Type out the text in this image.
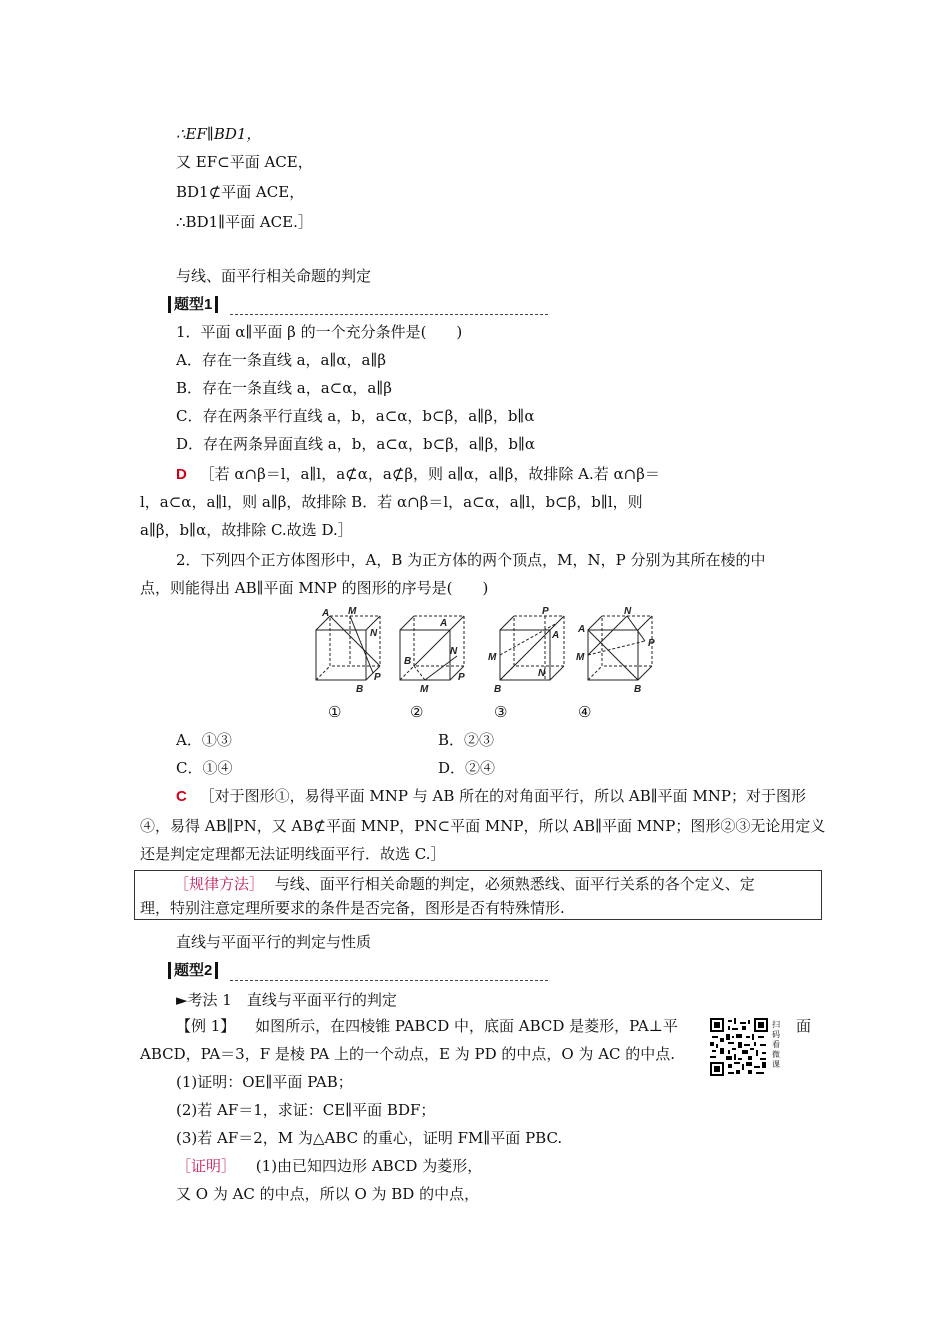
∴EF∥BD1，
又 EF⊂平面 ACE，
BD1⊄平面 ACE，
∴BD1∥平面 ACE.］
与线、面平行相关命题的判定
题型1
1．平面 α∥平面 β 的一个充分条件是(　　)
A．存在一条直线 a，a∥α，a∥β
B．存在一条直线 a，a⊂α，a∥β
C．存在两条平行直线 a，b，a⊂α，b⊂β，a∥β，b∥α
D．存在两条异面直线 a，b，a⊂α，b⊂β，a∥β，b∥α
D ［若 α∩β＝l，a∥l，a⊄α，a⊄β，则 a∥α，a∥β，故排除 A.若 α∩β＝
l，a⊂α，a∥l，则 a∥β，故排除 B．若 α∩β＝l，a⊂α，a∥l，b⊂β，b∥l，则
a∥β，b∥α，故排除 C.故选 D.］
2．下列四个正方体图形中，A，B 为正方体的两个顶点，M，N，P 分别为其所在棱的中
点，则能得出 AB∥平面 MNP 的图形的序号是(　　)
A M
N
P
B
A
B
N
M
P
P
A
M
N
B
A
N
M
P
B
①	②	③	④
A．①③	B．②③
C．①④	D．②④
C ［对于图形①，易得平面 MNP 与 AB 所在的对角面平行，所以 AB∥平面 MNP；对于图形
④，易得 AB∥PN，又 AB⊄平面 MNP，PN⊂平面 MNP，所以 AB∥平面 MNP；图形②③无论用定义
还是判定定理都无法证明线面平行．故选 C.］
［规律方法］ 与线、面平行相关命题的判定，必须熟悉线、面平行关系的各个定义、定
理，特别注意定理所要求的条件是否完备，图形是否有特殊情形.
直线与平面平行的判定与性质
题型2
►考法 1　直线与平面平行的判定
【例 1】 　如图所示，在四棱锥 PABCD 中，底面 ABCD 是菱形，PA⊥平	面
ABCD，PA＝3，F 是棱 PA 上的一个动点，E 为 PD 的中点，O 为 AC 的中点.
扫码看微课
(1)证明：OE∥平面 PAB；
(2)若 AF＝1，求证：CE∥平面 BDF；
(3)若 AF＝2，M 为△ABC 的重心，证明 FM∥平面 PBC.
［证明］ 　(1)由已知四边形 ABCD 为菱形，
又 O 为 AC 的中点，所以 O 为 BD 的中点，
